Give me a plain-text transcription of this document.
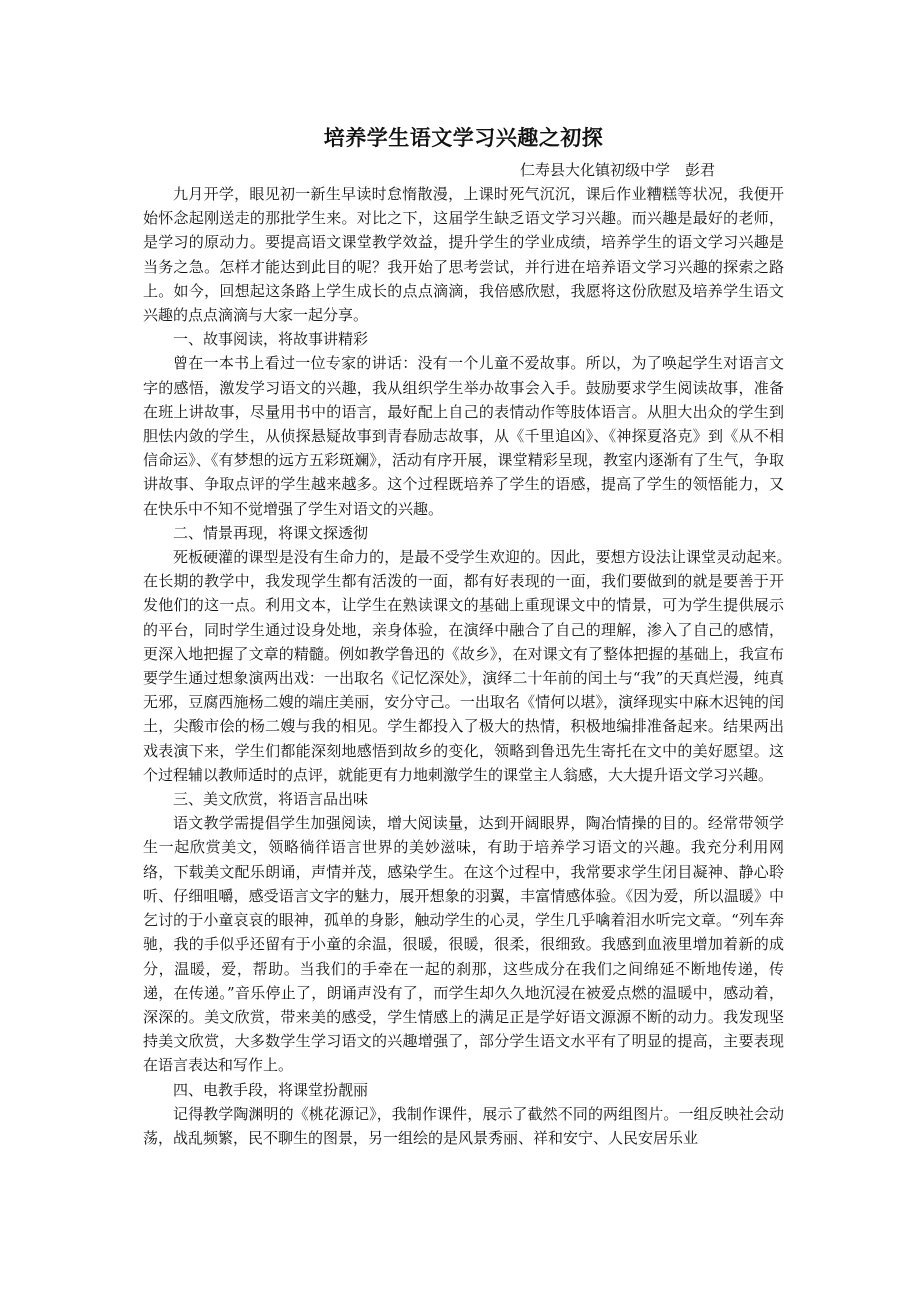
培养学生语文学习兴趣之初探

仁寿县大化镇初级中学　彭君

九月开学，眼见初一新生早读时怠惰散漫，上课时死气沉沉，课后作业糟糕等状况，我便开始怀念起刚送走的那批学生来。对比之下，这届学生缺乏语文学习兴趣。而兴趣是最好的老师，是学习的原动力。要提高语文课堂教学效益，提升学生的学业成绩，培养学生的语文学习兴趣是当务之急。怎样才能达到此目的呢？我开始了思考尝试，并行进在培养语文学习兴趣的探索之路上。如今，回想起这条路上学生成长的点点滴滴，我倍感欣慰，我愿将这份欣慰及培养学生语文兴趣的点点滴滴与大家一起分享。

一、故事阅读，将故事讲精彩

曾在一本书上看过一位专家的讲话：没有一个儿童不爱故事。所以，为了唤起学生对语言文字的感悟，激发学习语文的兴趣，我从组织学生举办故事会入手。鼓励要求学生阅读故事，准备在班上讲故事，尽量用书中的语言，最好配上自己的表情动作等肢体语言。从胆大出众的学生到胆怯内敛的学生，从侦探悬疑故事到青春励志故事，从《千里追凶》、《神探夏洛克》到《从不相信命运》、《有梦想的远方五彩斑斓》，活动有序开展，课堂精彩呈现，教室内逐渐有了生气，争取讲故事、争取点评的学生越来越多。这个过程既培养了学生的语感，提高了学生的领悟能力，又在快乐中不知不觉增强了学生对语文的兴趣。

二、情景再现，将课文探透彻

死板硬灌的课型是没有生命力的，是最不受学生欢迎的。因此，要想方设法让课堂灵动起来。　在长期的教学中，我发现学生都有活泼的一面，都有好表现的一面，我们要做到的就是要善于开发他们的这一点。利用文本，让学生在熟读课文的基础上重现课文中的情景，可为学生提供展示的平台，同时学生通过设身处地，亲身体验，在演绎中融合了自己的理解，渗入了自己的感情，更深入地把握了文章的精髓。例如教学鲁迅的《故乡》，在对课文有了整体把握的基础上，我宣布要学生通过想象演两出戏：一出取名《记忆深处》，演绎二十年前的闰土与“我”的天真烂漫，纯真无邪，豆腐西施杨二嫂的端庄美丽，安分守己。一出取名《情何以堪》，演绎现实中麻木迟钝的闰土，尖酸市侩的杨二嫂与我的相见。学生都投入了极大的热情，积极地编排准备起来。结果两出戏表演下来，学生们都能深刻地感悟到故乡的变化，领略到鲁迅先生寄托在文中的美好愿望。这个过程辅以教师适时的点评，就能更有力地刺激学生的课堂主人翁感，大大提升语文学习兴趣。

三、美文欣赏，将语言品出味

语文教学需提倡学生加强阅读，增大阅读量，达到开阔眼界，陶冶情操的目的。经常带领学生一起欣赏美文，领略徜徉语言世界的美妙滋味，有助于培养学习语文的兴趣。我充分利用网络，下载美文配乐朗诵，声情并茂，感染学生。在这个过程中，我常要求学生闭目凝神、静心聆听、仔细咀嚼，感受语言文字的魅力，展开想象的羽翼，丰富情感体验。《因为爱，所以温暖》中乞讨的于小童哀哀的眼神，孤单的身影，触动学生的心灵，学生几乎噙着泪水听完文章。“列车奔驰，我的手似乎还留有于小童的余温，很暖，很暖，很柔，很细致。我感到血液里增加着新的成分，温暖，爱，帮助。当我们的手牵在一起的刹那，这些成分在我们之间绵延不断地传递，传递，在传递。”音乐停止了，朗诵声没有了，而学生却久久地沉浸在被爱点燃的温暖中，感动着，深深的。美文欣赏，带来美的感受，学生情感上的满足正是学好语文源源不断的动力。我发现坚持美文欣赏，大多数学生学习语文的兴趣增强了，部分学生语文水平有了明显的提高，主要表现在语言表达和写作上。

四、电教手段，将课堂扮靓丽

记得教学陶渊明的《桃花源记》，我制作课件，展示了截然不同的两组图片。一组反映社会动荡，战乱频繁，民不聊生的图景，另一组绘的是风景秀丽、祥和安宁、人民安居乐业
